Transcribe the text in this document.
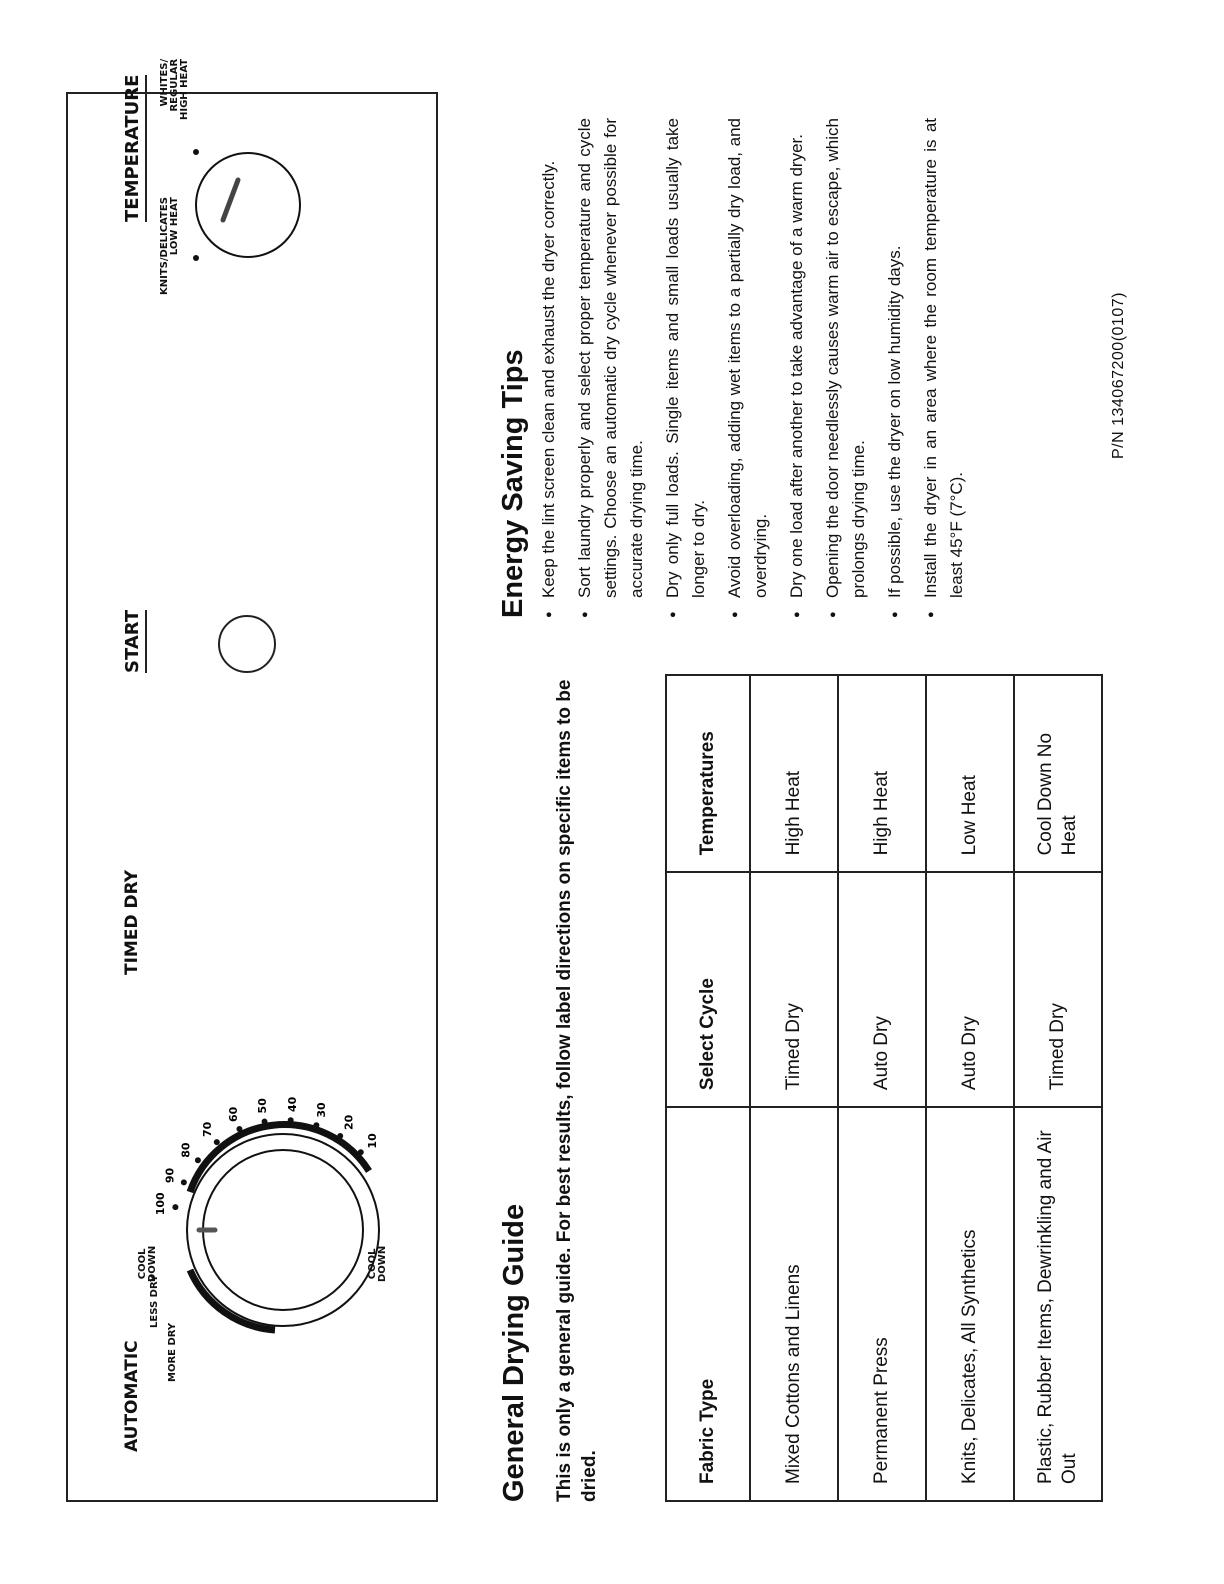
AUTOMATIC
TIMED DRY
START
TEMPERATURE
100
90
80
70
60
50 40 30
20
10
MORE DRY
LESS DRY
COOL DOWN	COOL DOWN
KNITS/DELICATES LOW HEAT
WHITES/ REGULAR HIGH HEAT
General Drying Guide This is only a general guide. For best results, follow label directions on specific items to be dried.	Fabric Type	Select Cycle	Temperatures
Mixed Cottons and Linens	Timed Dry	High Heat
Permanent Press	Auto Dry	High Heat
Knits, Delicates, All Synthetics	Auto Dry	Low Heat
Plastic, Rubber Items, Dewrinkling and Air Out	Timed Dry	Cool Down No Heat
Energy Saving Tips ● Keep the lint screen clean and exhaust the dryer correctly. ● Sort laundry properly and select proper temperature and cycle settings. Choose an automatic dry cycle whenever possible for accurate drying time. ● Dry only full loads. Single items and small loads usually take longer to dry. ● Avoid overloading, adding wet items to a partially dry load, and overdrying. ● Dry one load after another to take advantage of a warm dryer. ● Opening the door needlessly causes warm air to escape, which prolongs drying time. ● If possible, use the dryer on low humidity days. ● Install the dryer in an area where the room temperature is at least 45°F (7°C).
P/N 134067200(0107)
